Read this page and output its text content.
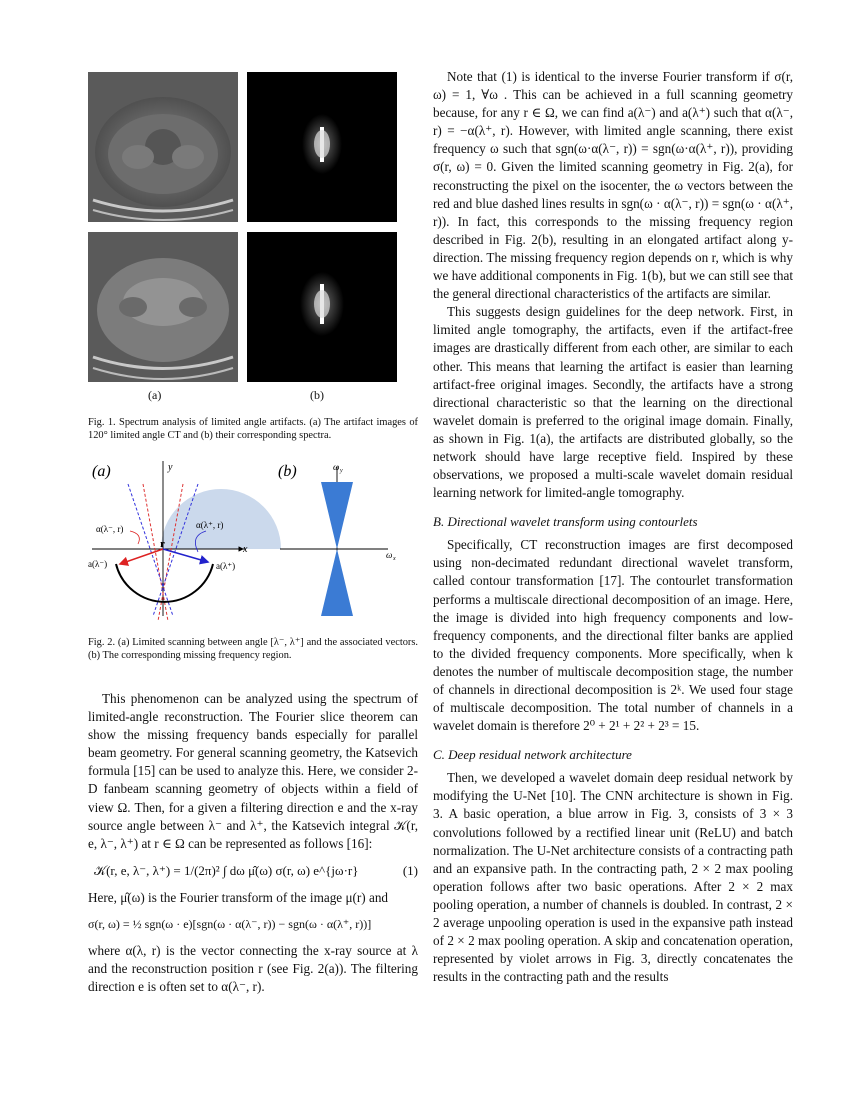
(a)	(b)
Fig. 1. Spectrum analysis of limited angle artifacts. (a) The artifact images of 120° limited angle CT and (b) their corresponding spectra.
(a)	y
x
r
α(λ⁻, r)	α(λ⁺, r)
a(λ⁻)	a(λ⁺)
(b)	ω y
ω x
Fig. 2. (a) Limited scanning between angle [λ⁻, λ⁺] and the associated vectors. (b) The corresponding missing frequency region.

This phenomenon can be analyzed using the spectrum of limited-angle reconstruction. The Fourier slice theorem can show the missing frequency bands especially for parallel beam geometry. For general scanning geometry, the Katsevich formula [15] can be used to analyze this. Here, we consider 2-D fanbeam scanning geometry of objects within a field of view Ω. Then, for a given a filtering direction e and the x-ray source angle between λ⁻ and λ⁺, the Katsevich integral 𝒦(r, e, λ⁻, λ⁺) at r ∈ Ω can be represented as follows [16]:

𝒦(r, e, λ⁻, λ⁺) = 1/(2π)² ∫ dω μ̂(ω) σ(r, ω) e^{jω·r}	(1)

Here, μ̂(ω) is the Fourier transform of the image μ(r) and

σ(r, ω) = ½ sgn(ω · e)[sgn(ω · α(λ⁻, r)) − sgn(ω · α(λ⁺, r))]

where α(λ, r) is the vector connecting the x-ray source at λ and the reconstruction position r (see Fig. 2(a)). The filtering direction e is often set to α(λ⁻, r).

Note that (1) is identical to the inverse Fourier transform if σ(r, ω) = 1, ∀ω . This can be achieved in a full scanning geometry because, for any r ∈ Ω, we can find a(λ⁻) and a(λ⁺) such that α(λ⁻, r) = −α(λ⁺, r). However, with limited angle scanning, there exist frequency ω such that sgn(ω·α(λ⁻, r)) = sgn(ω·α(λ⁺, r)), providing σ(r, ω) = 0. Given the limited scanning geometry in Fig. 2(a), for reconstructing the pixel on the isocenter, the ω vectors between the red and blue dashed lines results in sgn(ω · α(λ⁻, r)) = sgn(ω · α(λ⁺, r)). In fact, this corresponds to the missing frequency region described in Fig. 2(b), resulting in an elongated artifact along y-direction. The missing frequency region depends on r, which is why we have additional components in Fig. 1(b), but we can still see that the general directional characteristics of the artifacts are similar.

This suggests design guidelines for the deep network. First, in limited angle tomography, the artifacts, even if the artifact-free images are drastically different from each other, are similar to each other. This means that learning the artifact is easier than learning artifact-free original images. Secondly, the artifacts have a strong directional characteristic so that the learning on the directional wavelet domain is preferred to the original image domain. Finally, as shown in Fig. 1(a), the artifacts are distributed globally, so the network should have large receptive field. Inspired by these observations, we proposed a multi-scale wavelet domain residual learning network for limited-angle tomography.

B. Directional wavelet transform using contourlets

Specifically, CT reconstruction images are first decomposed using non-decimated redundant directional wavelet transform, called contour transformation [17]. The contourlet transformation performs a multiscale directional decomposition of an image. Here, the image is divided into high frequency components and low-frequency components, and the directional filter banks are applied to the divided frequency components. More specifically, when k denotes the number of multiscale decomposition stage, the number of channels in directional decomposition is 2ᵏ. We used four stage of multiscale decomposition. The total number of channels in a wavelet domain is therefore 2⁰ + 2¹ + 2² + 2³ = 15.

C. Deep residual network architecture

Then, we developed a wavelet domain deep residual network by modifying the U-Net [10]. The CNN architecture is shown in Fig. 3. A basic operation, a blue arrow in Fig. 3, consists of 3 × 3 convolutions followed by a rectified linear unit (ReLU) and batch normalization. The U-Net architecture consists of a contracting path and an expansive path. In the contracting path, 2 × 2 max pooling operation follows after two basic operations. After 2 × 2 max pooling operation, a number of channels is doubled. In contrast, 2 × 2 average unpooling operation is used in the expansive path instead of 2 × 2 max pooling operation. A skip and concatenation operation, represented by violet arrows in Fig. 3, directly concatenates the results in the contracting path and the results
